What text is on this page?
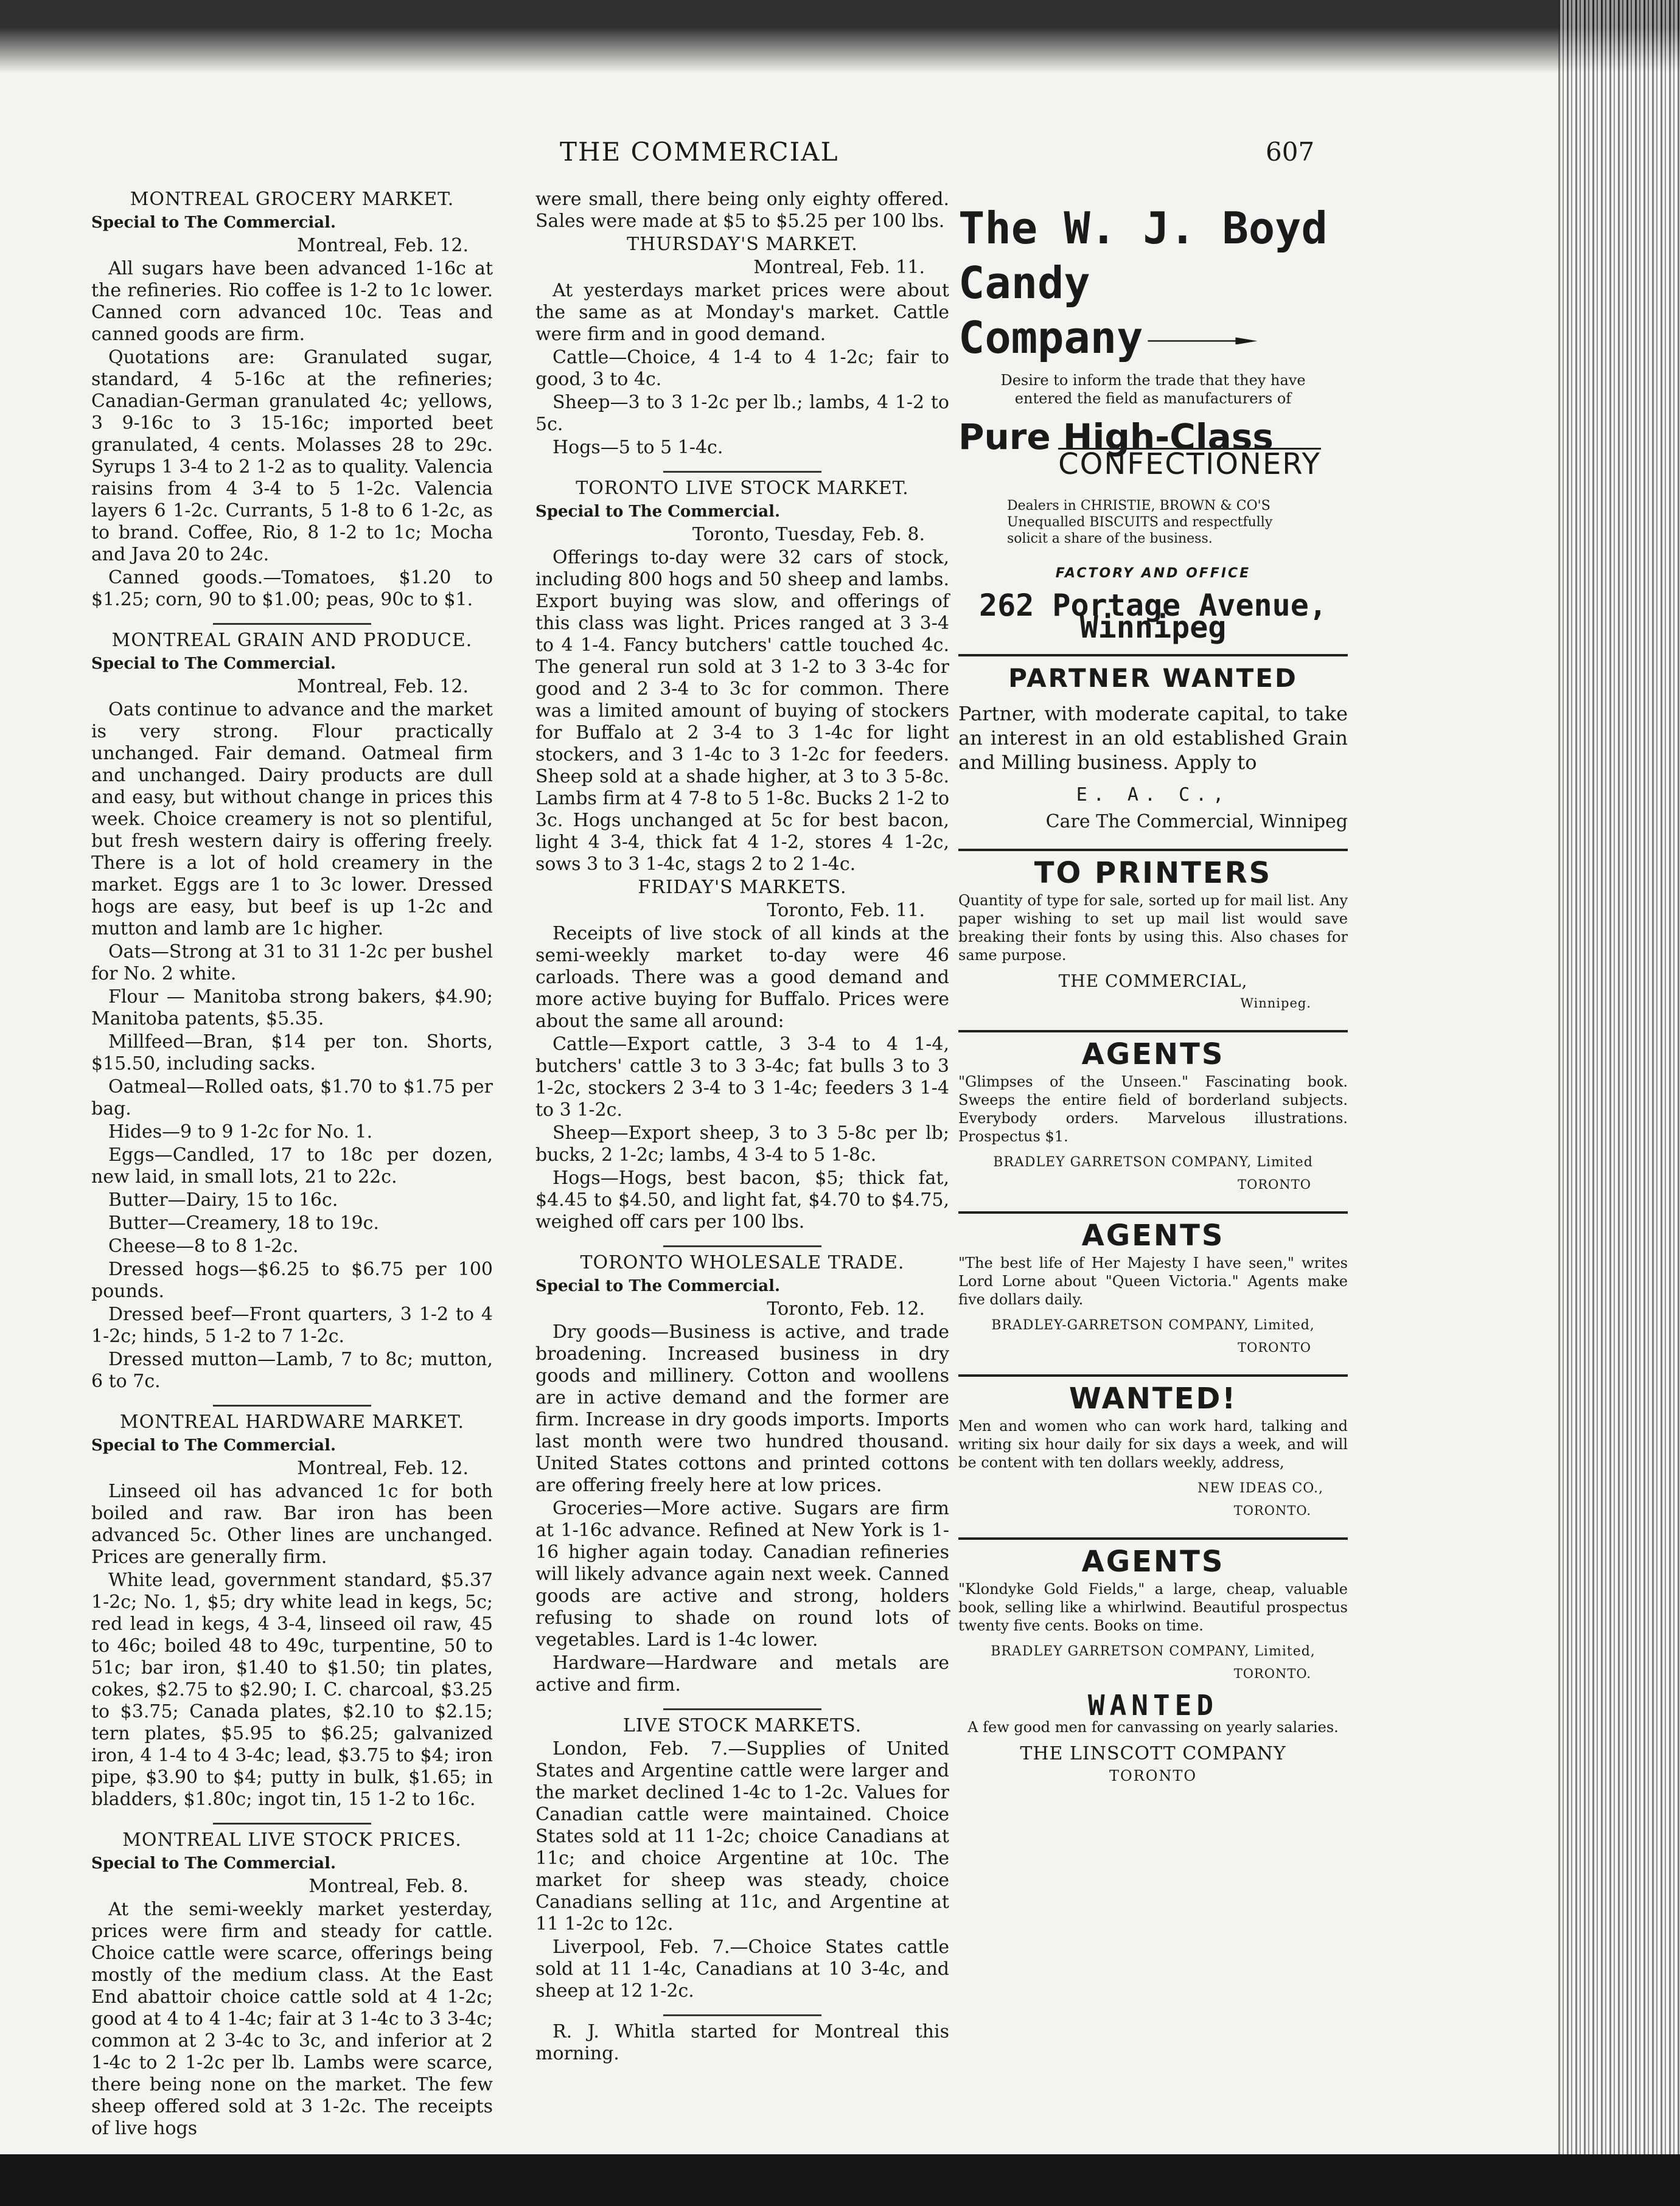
THE COMMERCIAL	607

MONTREAL GROCERY MARKET.

Special to The Commercial.

Montreal, Feb. 12.

All sugars have been advanced 1-16c at the refineries. Rio coffee is 1-2 to 1c lower. Canned corn advanced 10c. Teas and canned goods are firm.

Quotations are: Granulated sugar, standard, 4 5-16c at the refineries; Canadian-German granulated 4c; yellows, 3 9-16c to 3 15-16c; imported beet granulated, 4 cents. Molasses 28 to 29c. Syrups 1 3-4 to 2 1-2 as to quality. Valencia raisins from 4 3-4 to 5 1-2c. Valencia layers 6 1-2c. Currants, 5 1-8 to 6 1-2c, as to brand. Coffee, Rio, 8 1-2 to 1c; Mocha and Java 20 to 24c.

Canned goods.—Tomatoes, $1.20 to $1.25; corn, 90 to $1.00; peas, 90c to $1.

MONTREAL GRAIN AND PRODUCE.

Special to The Commercial.

Montreal, Feb. 12.

Oats continue to advance and the market is very strong. Flour practically unchanged. Fair demand. Oatmeal firm and unchanged. Dairy products are dull and easy, but without change in prices this week. Choice creamery is not so plentiful, but fresh western dairy is offering freely. There is a lot of hold creamery in the market. Eggs are 1 to 3c lower. Dressed hogs are easy, but beef is up 1-2c and mutton and lamb are 1c higher.

Oats—Strong at 31 to 31 1-2c per bushel for No. 2 white.

Flour — Manitoba strong bakers, $4.90; Manitoba patents, $5.35.

Millfeed—Bran, $14 per ton. Shorts, $15.50, including sacks.

Oatmeal—Rolled oats, $1.70 to $1.75 per bag.

Hides—9 to 9 1-2c for No. 1.

Eggs—Candled, 17 to 18c per dozen, new laid, in small lots, 21 to 22c.

Butter—Dairy, 15 to 16c.

Butter—Creamery, 18 to 19c.

Cheese—8 to 8 1-2c.

Dressed hogs—$6.25 to $6.75 per 100 pounds.

Dressed beef—Front quarters, 3 1-2 to 4 1-2c; hinds, 5 1-2 to 7 1-2c.

Dressed mutton—Lamb, 7 to 8c; mutton, 6 to 7c.

MONTREAL HARDWARE MARKET.

Special to The Commercial.

Montreal, Feb. 12.

Linseed oil has advanced 1c for both boiled and raw. Bar iron has been advanced 5c. Other lines are unchanged. Prices are generally firm.

White lead, government standard, $5.37 1-2c; No. 1, $5; dry white lead in kegs, 5c; red lead in kegs, 4 3-4, linseed oil raw, 45 to 46c; boiled 48 to 49c, turpentine, 50 to 51c; bar iron, $1.40 to $1.50; tin plates, cokes, $2.75 to $2.90; I. C. charcoal, $3.25 to $3.75; Canada plates, $2.10 to $2.15; tern plates, $5.95 to $6.25; galvanized iron, 4 1-4 to 4 3-4c; lead, $3.75 to $4; iron pipe, $3.90 to $4; putty in bulk, $1.65; in bladders, $1.80c; ingot tin, 15 1-2 to 16c.

MONTREAL LIVE STOCK PRICES.

Special to The Commercial.

Montreal, Feb. 8.

At the semi-weekly market yesterday, prices were firm and steady for cattle. Choice cattle were scarce, offerings being mostly of the medium class. At the East End abattoir choice cattle sold at 4 1-2c; good at 4 to 4 1-4c; fair at 3 1-4c to 3 3-4c; common at 2 3-4c to 3c, and inferior at 2 1-4c to 2 1-2c per lb. Lambs were scarce, there being none on the market. The few sheep offered sold at 3 1-2c. The receipts of live hogs

were small, there being only eighty offered. Sales were made at $5 to $5.25 per 100 lbs.

THURSDAY'S MARKET.

Montreal, Feb. 11.

At yesterdays market prices were about the same as at Monday's market. Cattle were firm and in good demand.

Cattle—Choice, 4 1-4 to 4 1-2c; fair to good, 3 to 4c.

Sheep—3 to 3 1-2c per lb.; lambs, 4 1-2 to 5c.

Hogs—5 to 5 1-4c.

TORONTO LIVE STOCK MARKET.

Special to The Commercial.

Toronto, Tuesday, Feb. 8.

Offerings to-day were 32 cars of stock, including 800 hogs and 50 sheep and lambs. Export buying was slow, and offerings of this class was light. Prices ranged at 3 3-4 to 4 1-4. Fancy butchers' cattle touched 4c. The general run sold at 3 1-2 to 3 3-4c for good and 2 3-4 to 3c for common. There was a limited amount of buying of stockers for Buffalo at 2 3-4 to 3 1-4c for light stockers, and 3 1-4c to 3 1-2c for feeders. Sheep sold at a shade higher, at 3 to 3 5-8c. Lambs firm at 4 7-8 to 5 1-8c. Bucks 2 1-2 to 3c. Hogs unchanged at 5c for best bacon, light 4 3-4, thick fat 4 1-2, stores 4 1-2c, sows 3 to 3 1-4c, stags 2 to 2 1-4c.

FRIDAY'S MARKETS.

Toronto, Feb. 11.

Receipts of live stock of all kinds at the semi-weekly market to-day were 46 carloads. There was a good demand and more active buying for Buffalo. Prices were about the same all around:

Cattle—Export cattle, 3 3-4 to 4 1-4, butchers' cattle 3 to 3 3-4c; fat bulls 3 to 3 1-2c, stockers 2 3-4 to 3 1-4c; feeders 3 1-4 to 3 1-2c.

Sheep—Export sheep, 3 to 3 5-8c per lb; bucks, 2 1-2c; lambs, 4 3-4 to 5 1-8c.

Hogs—Hogs, best bacon, $5; thick fat, $4.45 to $4.50, and light fat, $4.70 to $4.75, weighed off cars per 100 lbs.

TORONTO WHOLESALE TRADE.

Special to The Commercial.

Toronto, Feb. 12.

Dry goods—Business is active, and trade broadening. Increased business in dry goods and millinery. Cotton and woollens are in active demand and the former are firm. Increase in dry goods imports. Imports last month were two hundred thousand. United States cottons and printed cottons are offering freely here at low prices.

Groceries—More active. Sugars are firm at 1-16c advance. Refined at New York is 1-16 higher again today. Canadian refineries will likely advance again next week. Canned goods are active and strong, holders refusing to shade on round lots of vegetables. Lard is 1-4c lower.

Hardware—Hardware and metals are active and firm.

LIVE STOCK MARKETS.

London, Feb. 7.—Supplies of United States and Argentine cattle were larger and the market declined 1-4c to 1-2c. Values for Canadian cattle were maintained. Choice States sold at 11 1-2c; choice Canadians at 11c; and choice Argentine at 10c. The market for sheep was steady, choice Canadians selling at 11c, and Argentine at 11 1-2c to 12c.

Liverpool, Feb. 7.—Choice States cattle sold at 11 1-4c, Canadians at 10 3-4c, and sheep at 12 1-2c.

R. J. Whitla started for Montreal this morning.

The W. J. Boyd Candy
Company
Desire to inform the trade that they have entered the field as manufacturers of
Pure High-Class
CONFECTIONERY
Dealers in CHRISTIE, BROWN & CO'S Unequalled BISCUITS and respectfully solicit a share of the business.
FACTORY AND OFFICE
262 Portage Avenue, Winnipeg
PARTNER WANTED
Partner, with moderate capital, to take an interest in an old established Grain and Milling business. Apply to
E. A. C.,
Care The Commercial, Winnipeg
TO PRINTERS
Quantity of type for sale, sorted up for mail list. Any paper wishing to set up mail list would save breaking their fonts by using this. Also chases for same purpose.
THE COMMERCIAL,
Winnipeg.
AGENTS
"Glimpses of the Unseen." Fascinating book. Sweeps the entire field of borderland subjects. Everybody orders. Marvelous illustrations. Prospectus $1.
BRADLEY GARRETSON COMPANY, Limited
TORONTO
AGENTS
"The best life of Her Majesty I have seen," writes Lord Lorne about "Queen Victoria." Agents make five dollars daily.
BRADLEY-GARRETSON COMPANY, Limited,
TORONTO
WANTED!
Men and women who can work hard, talking and writing six hour daily for six days a week, and will be content with ten dollars weekly, address,
NEW IDEAS CO.,
TORONTO.
AGENTS
"Klondyke Gold Fields," a large, cheap, valuable book, selling like a whirlwind. Beautiful prospectus twenty five cents. Books on time.
BRADLEY GARRETSON COMPANY, Limited,
TORONTO.
WANTED
A few good men for canvassing on yearly salaries.
THE LINSCOTT COMPANY
TORONTO
